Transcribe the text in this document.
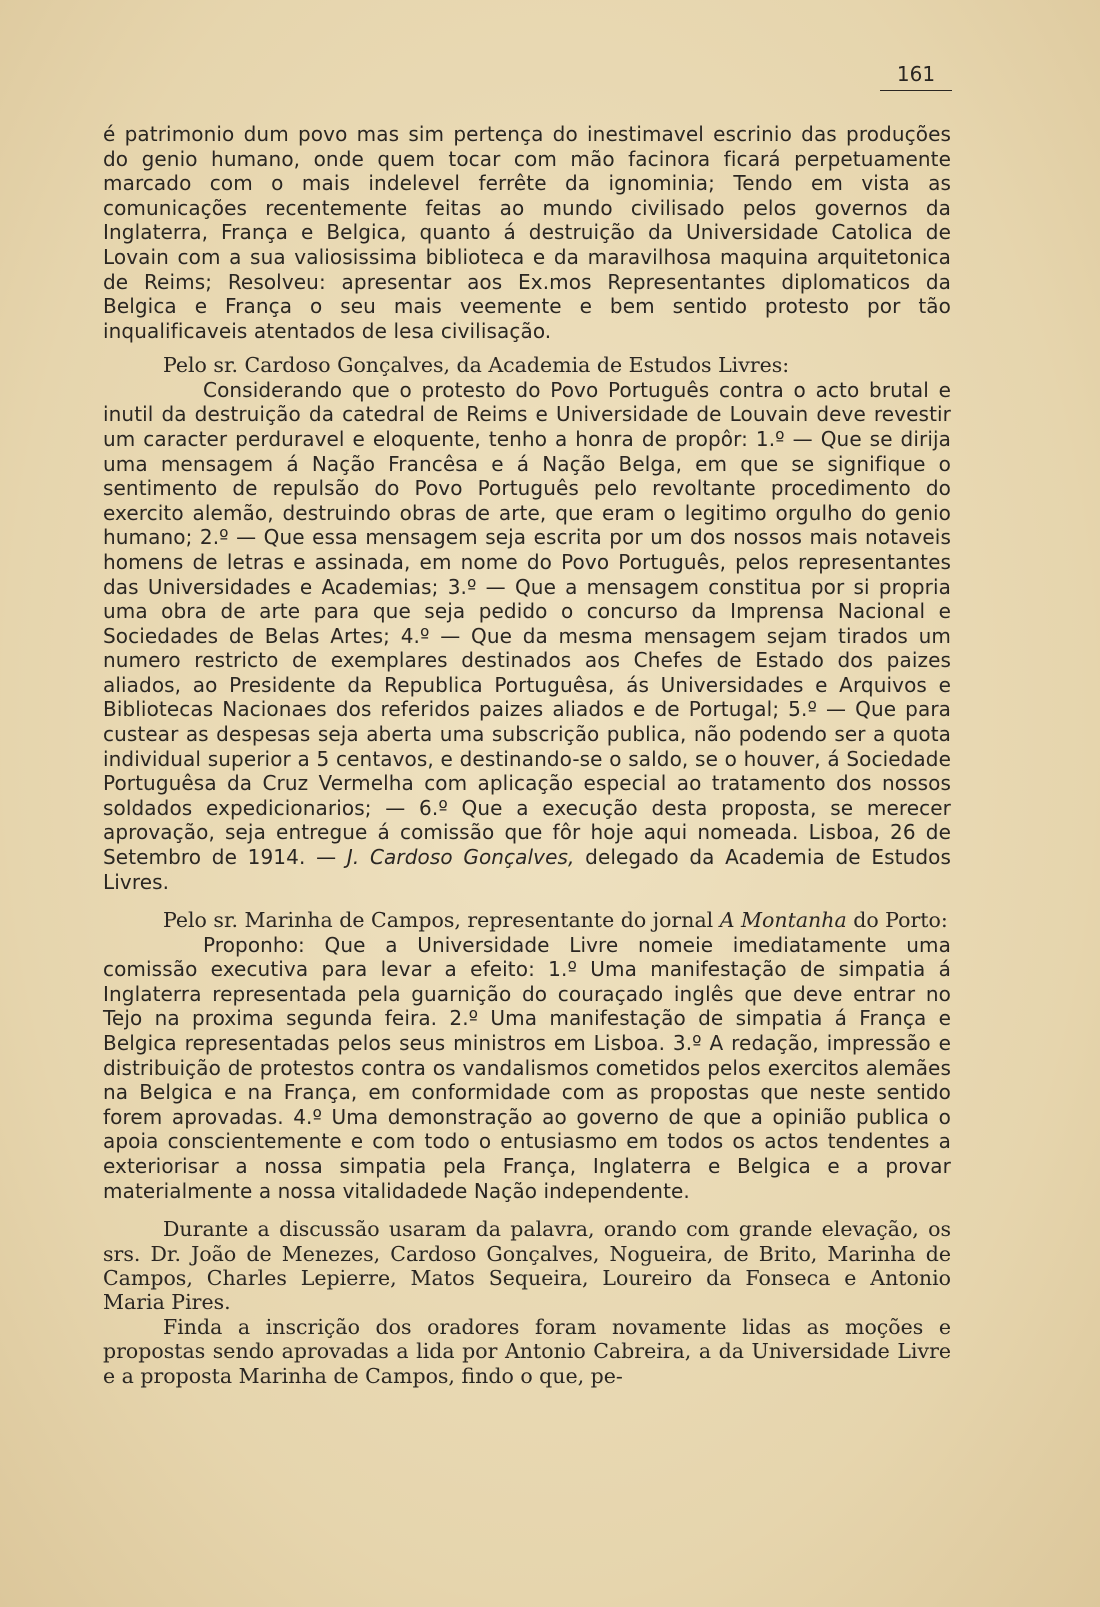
161

é patrimonio dum povo mas sim pertença do inestimavel escrinio das produções do genio humano, onde quem tocar com mão facinora ficará perpetuamente marcado com o mais indelevel ferrête da ignominia; Tendo em vista as comunicações recentemente feitas ao mundo civilisado pelos governos da Inglaterra, França e Belgica, quanto á destruição da Universidade Catolica de Lovain com a sua valiosissima biblioteca e da maravilhosa maquina arquitetonica de Reims; Resolveu: apresentar aos Ex.mos Representantes diplomaticos da Belgica e França o seu mais veemente e bem sentido protesto por tão inqualificaveis atentados de lesa civilisação.

Pelo sr. Cardoso Gonçalves, da Academia de Estudos Livres:

Considerando que o protesto do Povo Português contra o acto brutal e inutil da destruição da catedral de Reims e Universidade de Louvain deve revestir um caracter perduravel e eloquente, tenho a honra de propôr: 1.º — Que se dirija uma mensagem á Nação Francêsa e á Nação Belga, em que se signifique o sentimento de repulsão do Povo Português pelo revoltante procedimento do exercito alemão, destruindo obras de arte, que eram o legitimo orgulho do genio humano; 2.º — Que essa mensagem seja escrita por um dos nossos mais notaveis homens de letras e assinada, em nome do Povo Português, pelos representantes das Universidades e Academias; 3.º — Que a mensagem constitua por si propria uma obra de arte para que seja pedido o concurso da Imprensa Nacional e Sociedades de Belas Artes; 4.º — Que da mesma mensagem sejam tirados um numero restricto de exemplares destinados aos Chefes de Estado dos paizes aliados, ao Presidente da Republica Portuguêsa, ás Universidades e Arquivos e Bibliotecas Nacionaes dos referidos paizes aliados e de Portugal; 5.º — Que para custear as despesas seja aberta uma subscrição publica, não podendo ser a quota individual superior a 5 centavos, e destinando-se o saldo, se o houver, á Sociedade Portuguêsa da Cruz Vermelha com aplicação especial ao tratamento dos nossos soldados expedicionarios; — 6.º Que a execução desta proposta, se merecer aprovação, seja entregue á comissão que fôr hoje aqui nomeada. Lisboa, 26 de Setembro de 1914. — J. Cardoso Gonçalves, delegado da Academia de Estudos Livres.

Pelo sr. Marinha de Campos, representante do jornal A Montanha do Porto:

Proponho: Que a Universidade Livre nomeie imediatamente uma comissão executiva para levar a efeito: 1.º Uma manifestação de simpatia á Inglaterra representada pela guarnição do couraçado inglês que deve entrar no Tejo na proxima segunda feira. 2.º Uma manifestação de simpatia á França e Belgica representadas pelos seus ministros em Lisboa. 3.º A redação, impressão e distribuição de protestos contra os vandalismos cometidos pelos exercitos alemães na Belgica e na França, em conformidade com as propostas que neste sentido forem aprovadas. 4.º Uma demonstração ao governo de que a opinião publica o apoia conscientemente e com todo o entusiasmo em todos os actos tendentes a exteriorisar a nossa simpatia pela França, Inglaterra e Belgica e a provar materialmente a nossa vitalidadede Nação independente.

Durante a discussão usaram da palavra, orando com grande elevação, os srs. Dr. João de Menezes, Cardoso Gonçalves, Nogueira, de Brito, Marinha de Campos, Charles Lepierre, Matos Sequeira, Loureiro da Fonseca e Antonio Maria Pires.

Finda a inscrição dos oradores foram novamente lidas as moções e propostas sendo aprovadas a lida por Antonio Cabreira, a da Universidade Livre e a proposta Marinha de Campos, findo o que, pe-
